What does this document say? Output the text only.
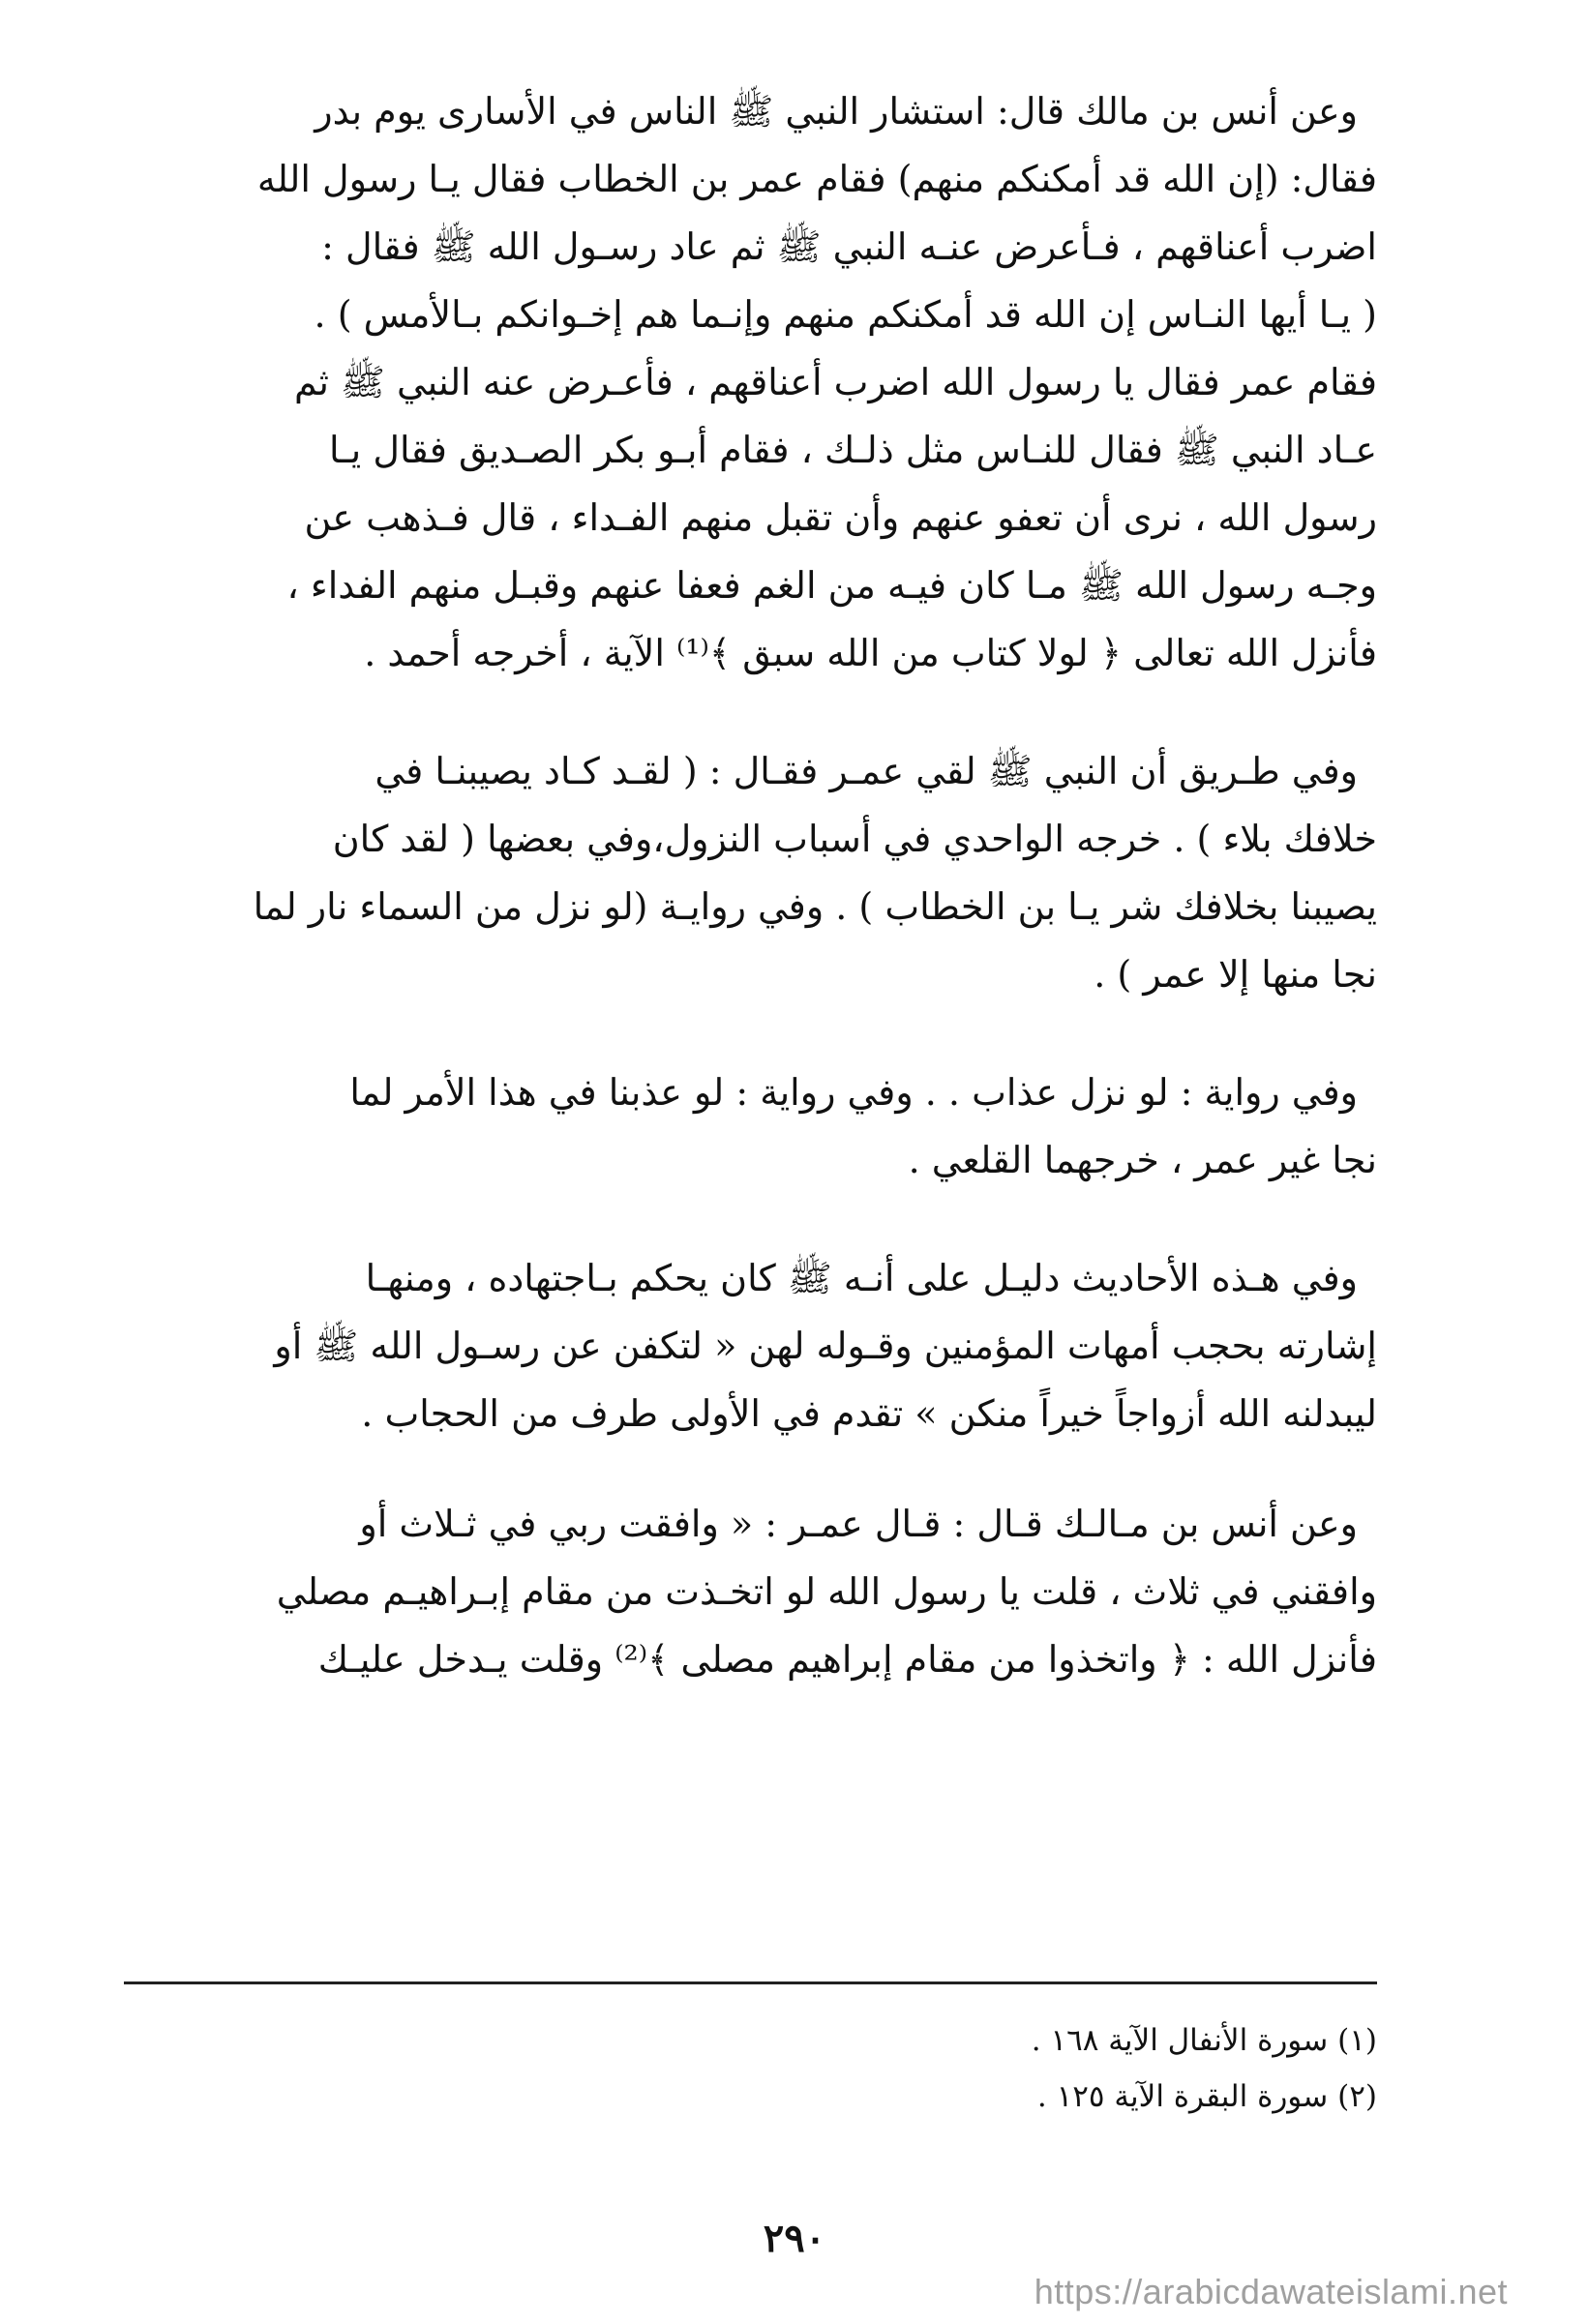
وعن أنس بن مالك قال: استشار النبي ﷺ الناس في الأسارى يوم بدر
فقال: (إن الله قد أمكنكم منهم) فقام عمر بن الخطاب فقال يـا رسول الله
اضرب أعناقهم ، فـأعرض عنـه النبي ﷺ ثم عاد رسـول الله ﷺ فقال :
( يـا أيها النـاس إن الله قد أمكنكم منهم وإنـما هم إخـوانكم بـالأمس ) .
فقام عمر فقال يا رسول الله اضرب أعناقهم ، فأعـرض عنه النبي ﷺ ثم
عـاد النبي ﷺ فقال للنـاس مثل ذلـك ، فقام أبـو بكر الصـديق فقال يـا
رسول الله ، نرى أن تعفو عنهم وأن تقبل منهم الفـداء ، قال فـذهب عن
وجـه رسول الله ﷺ مـا كان فيـه من الغم فعفا عنهم وقبـل منهم الفداء ،
فأنزل الله تعالى ﴿ لولا كتاب من الله سبق ﴾⁽¹⁾ الآية ، أخرجه أحمد .

وفي طـريق أن النبي ﷺ لقي عمـر فقـال : ( لقـد كـاد يصيبنـا في
خلافك بلاء ) . خرجه الواحدي في أسباب النزول،وفي بعضها ( لقد كان
يصيبنا بخلافك شر يـا بن الخطاب ) . وفي روايـة (لو نزل من السماء نار لما
نجا منها إلا عمر ) .

وفي رواية : لو نزل عذاب . . وفي رواية : لو عذبنا في هذا الأمر لما
نجا غير عمر ، خرجهما القلعي .

وفي هـذه الأحاديث دليـل على أنـه ﷺ كان يحكم بـاجتهاده ، ومنهـا
إشارته بحجب أمهات المؤمنين وقـوله لهن « لتكفن عن رسـول الله ﷺ أو
ليبدلنه الله أزواجاً خيراً منكن » تقدم في الأولى طرف من الحجاب .

وعن أنس بن مـالـك قـال : قـال عمـر : « وافقت ربي في ثـلاث أو
وافقني في ثلاث ، قلت يا رسول الله لو اتخـذت من مقام إبـراهيـم مصلي
فأنزل الله : ﴿ واتخذوا من مقام إبراهيم مصلى ﴾⁽²⁾ وقلت يـدخل عليـك

(١) سورة الأنفال الآية ١٦٨ .
(٢) سورة البقرة الآية ١٢٥ .
٢٩٠
https://arabicdawateislami.net
